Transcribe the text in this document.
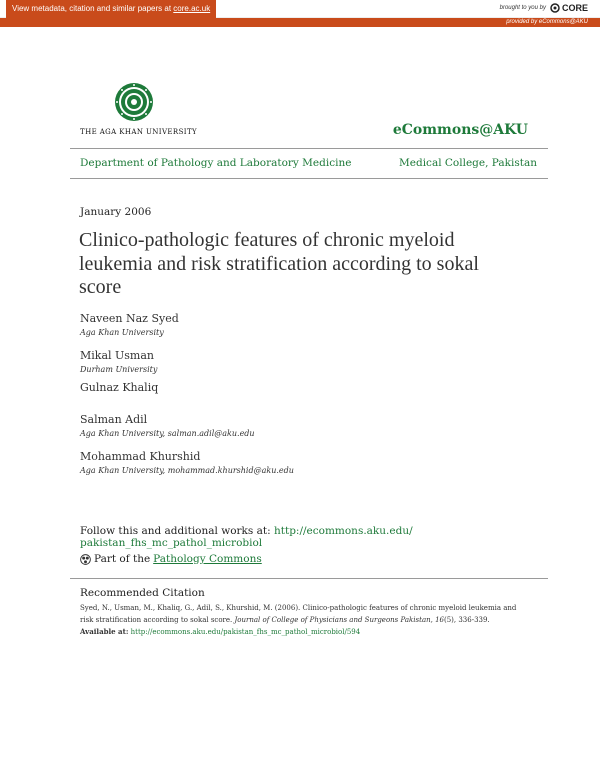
View metadata, citation and similar papers at core.ac.uk	brought to you by CORE
provided by eCommons@AKU
THE AGA KHAN UNIVERSITY	eCommons@AKU
Department of Pathology and Laboratory Medicine	Medical College, Pakistan
January 2006
Clinico-pathologic features of chronic myeloid leukemia and risk stratification according to sokal score
Naveen Naz Syed
Aga Khan University
Mikal Usman
Durham University
Gulnaz Khaliq
Salman Adil
Aga Khan University, salman.adil@aku.edu
Mohammad Khurshid
Aga Khan University, mohammad.khurshid@aku.edu
Follow this and additional works at: http://ecommons.aku.edu/
pakistan_fhs_mc_pathol_microbiol
Part of the Pathology Commons
Recommended Citation
Syed, N., Usman, M., Khaliq, G., Adil, S., Khurshid, M. (2006). Clinico-pathologic features of chronic myeloid leukemia and risk stratification according to sokal score. Journal of College of Physicians and Surgeons Pakistan, 16(5), 336-339.
Available at: http://ecommons.aku.edu/pakistan_fhs_mc_pathol_microbiol/594
